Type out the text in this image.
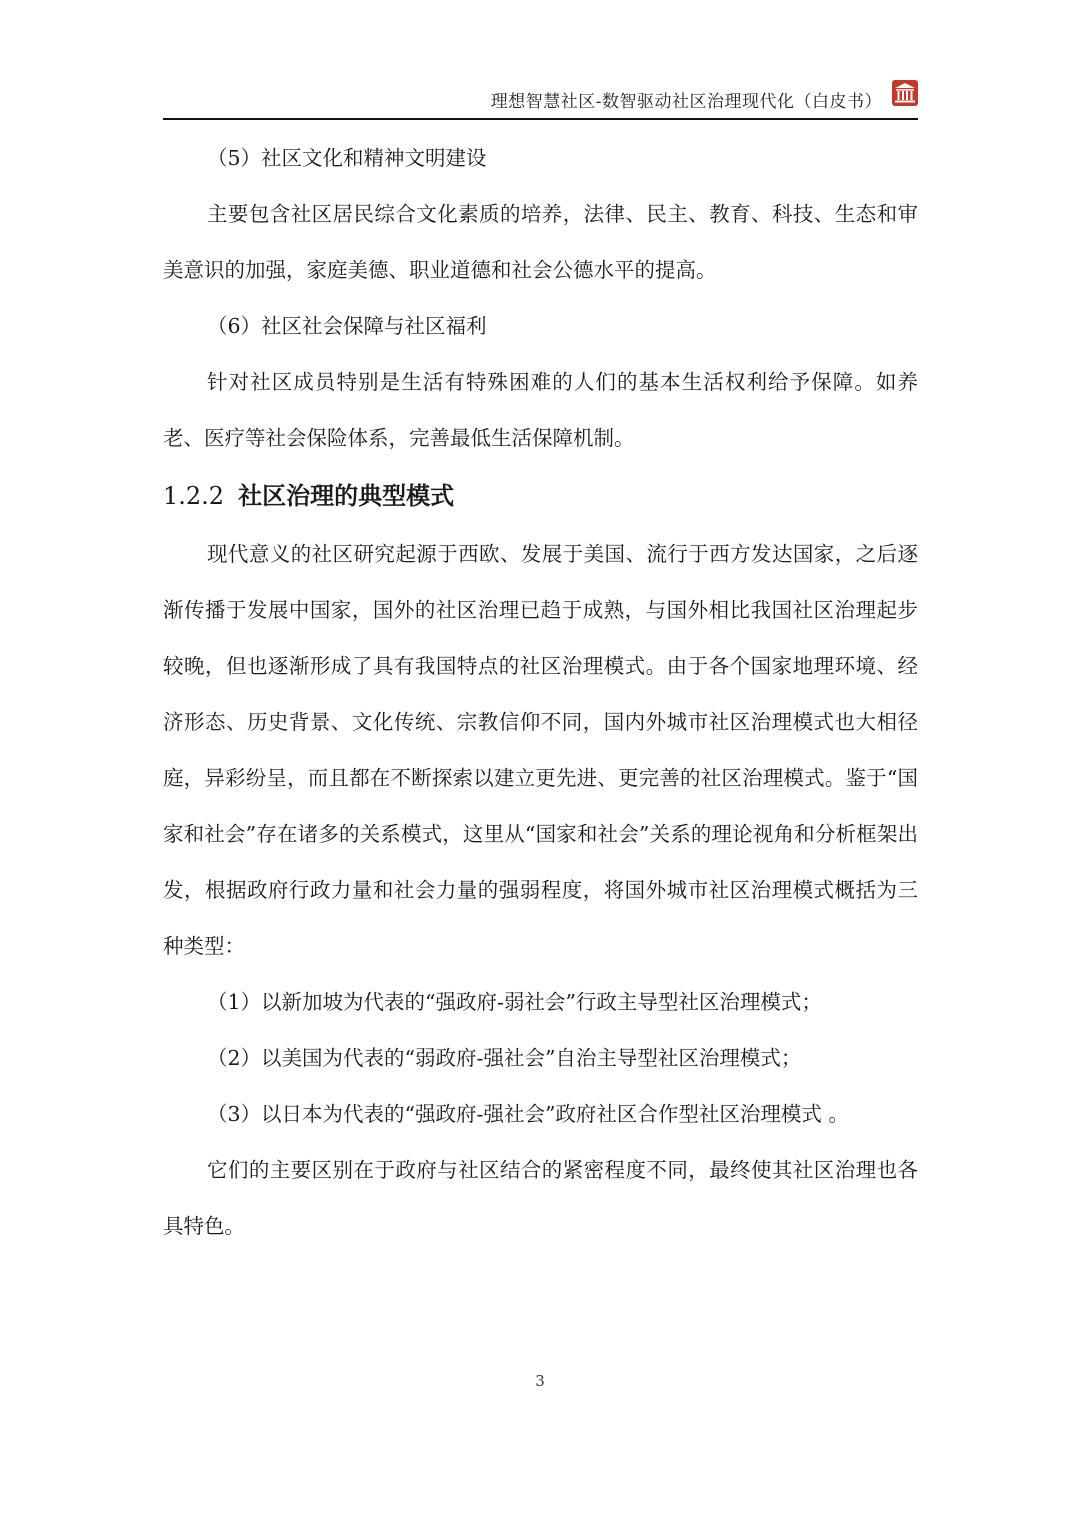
理想智慧社区-数智驱动社区治理现代化（白皮书）

（5）社区文化和精神文明建设

主要包含社区居民综合文化素质的培养，法律、民主、教育、科技、生态和审美意识的加强，家庭美德、职业道德和社会公德水平的提高。

（6）社区社会保障与社区福利

针对社区成员特别是生活有特殊困难的人们的基本生活权利给予保障。如养老、医疗等社会保险体系，完善最低生活保障机制。

1.2.2 社区治理的典型模式

现代意义的社区研究起源于西欧、发展于美国、流行于西方发达国家，之后逐渐传播于发展中国家，国外的社区治理已趋于成熟，与国外相比我国社区治理起步较晚，但也逐渐形成了具有我国特点的社区治理模式。由于各个国家地理环境、经济形态、历史背景、文化传统、宗教信仰不同，国内外城市社区治理模式也大相径庭，异彩纷呈，而且都在不断探索以建立更先进、更完善的社区治理模式。鉴于“国家和社会”存在诸多的关系模式，这里从“国家和社会”关系的理论视角和分析框架出发，根据政府行政力量和社会力量的强弱程度，将国外城市社区治理模式概括为三种类型：

（1）以新加坡为代表的“强政府-弱社会”行政主导型社区治理模式；

（2）以美国为代表的“弱政府-强社会”自治主导型社区治理模式；

（3）以日本为代表的“强政府-强社会”政府社区合作型社区治理模式 。

它们的主要区别在于政府与社区结合的紧密程度不同，最终使其社区治理也各具特色。

3
